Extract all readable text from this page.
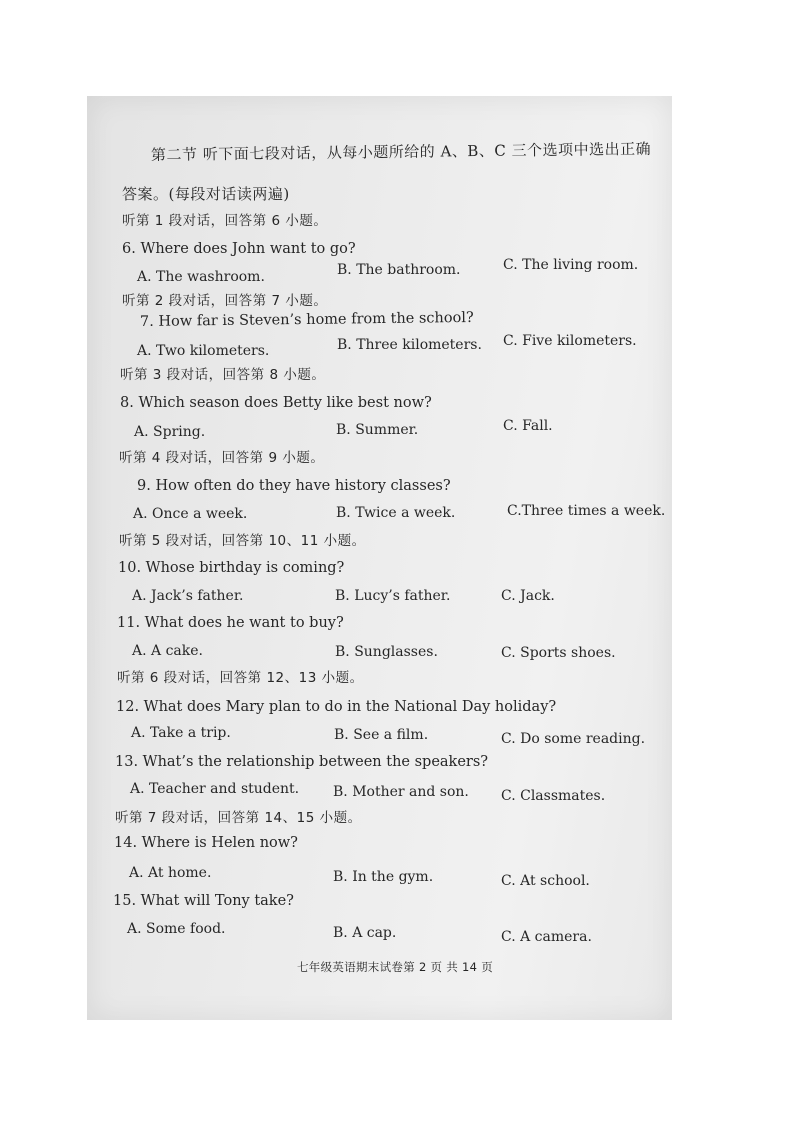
第二节 听下面七段对话，从每小题所给的 A、B、C 三个选项中选出正确
答案。(每段对话读两遍)
听第 1 段对话，回答第 6 小题。
6. Where does John want to go?
A. The washroom.	B. The bathroom.	C. The living room.
听第 2 段对话，回答第 7 小题。
7. How far is Steven’s home from the school?
A. Two kilometers.	B. Three kilometers. C. Five kilometers.
听第 3 段对话，回答第 8 小题。
8. Which season does Betty like best now?
A. Spring.	B. Summer.	C. Fall.
听第 4 段对话，回答第 9 小题。
9. How often do they have history classes?
A. Once a week.	B. Twice a week.	C.Three times a week.
听第 5 段对话，回答第 10、11 小题。
10. Whose birthday is coming?
A. Jack’s father.	B. Lucy’s father.	C. Jack.
11. What does he want to buy?
A. A cake.	B. Sunglasses.	C. Sports shoes.
听第 6 段对话，回答第 12、13 小题。
12. What does Mary plan to do in the National Day holiday?
A. Take a trip.	B. See a film.	C. Do some reading.
13. What’s the relationship between the speakers?
A. Teacher and student. B. Mother and son. C. Classmates.
听第 7 段对话，回答第 14、15 小题。
14. Where is Helen now?
A. At home.	B. In the gym.	C. At school.
15. What will Tony take?
A. Some food.	B. A cap.	C. A camera.
七年级英语期末试卷第 2 页 共 14 页
